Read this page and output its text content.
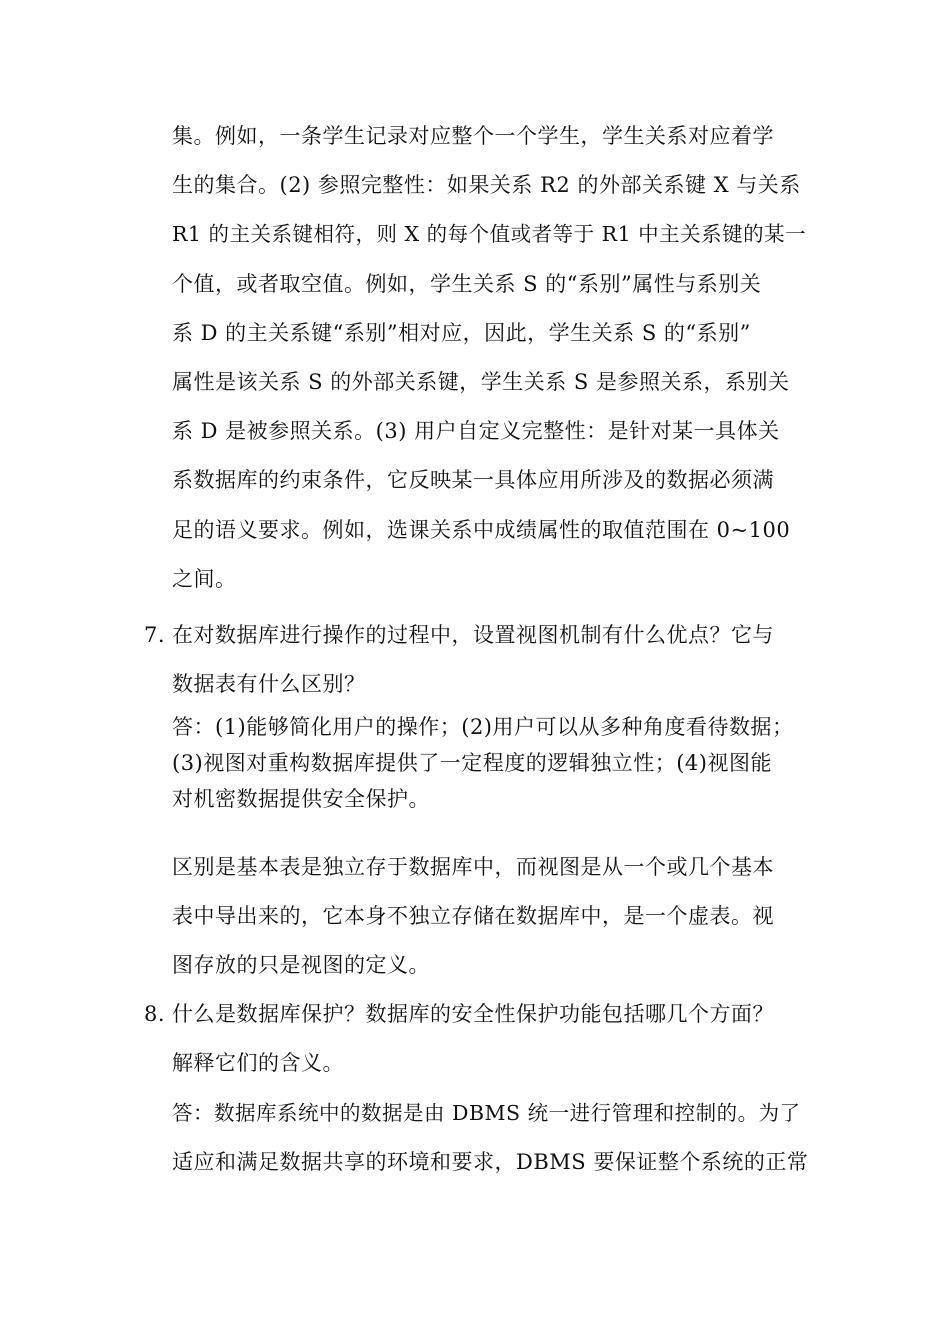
集。例如，一条学生记录对应整个一个学生，学生关系对应着学
生的集合。(2) 参照完整性：如果关系 R2 的外部关系键 X 与关系
R1 的主关系键相符，则 X 的每个值或者等于 R1 中主关系键的某一
个值，或者取空值。例如，学生关系 S 的“系别”属性与系别关
系 D 的主关系键“系别”相对应，因此，学生关系 S 的“系别”
属性是该关系 S 的外部关系键，学生关系 S 是参照关系，系别关
系 D 是被参照关系。(3) 用户自定义完整性：是针对某一具体关
系数据库的约束条件，它反映某一具体应用所涉及的数据必须满
足的语义要求。例如，选课关系中成绩属性的取值范围在 0~100
之间。
7. 在对数据库进行操作的过程中，设置视图机制有什么优点？它与
数据表有什么区别？
答：(1)能够简化用户的操作；(2)用户可以从多种角度看待数据；
(3)视图对重构数据库提供了一定程度的逻辑独立性；(4)视图能
对机密数据提供安全保护。
区别是基本表是独立存于数据库中，而视图是从一个或几个基本
表中导出来的，它本身不独立存储在数据库中，是一个虚表。视
图存放的只是视图的定义。
8. 什么是数据库保护？数据库的安全性保护功能包括哪几个方面？
解释它们的含义。
答：数据库系统中的数据是由 DBMS 统一进行管理和控制的。为了
适应和满足数据共享的环境和要求，DBMS 要保证整个系统的正常
